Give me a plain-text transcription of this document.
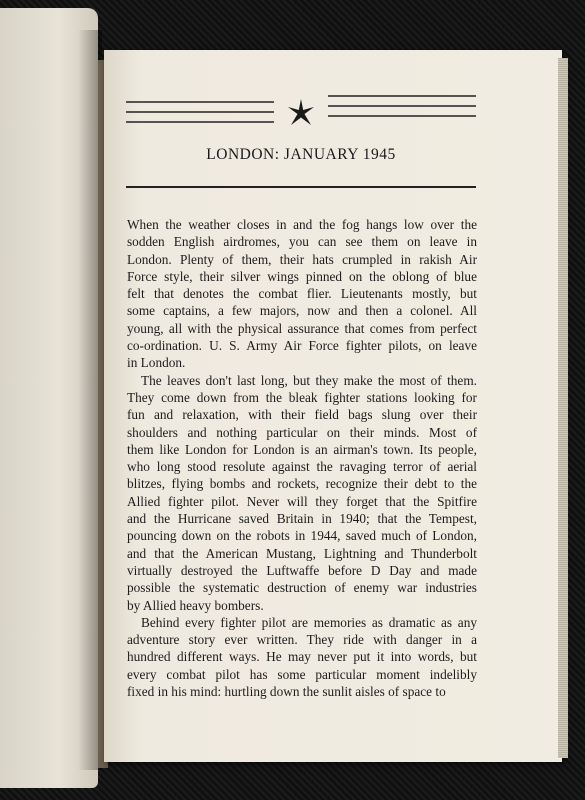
LONDON: JANUARY 1945
When the weather closes in and the fog hangs low over the
sodden English airdromes, you can see them on leave in
London. Plenty of them, their hats crumpled in rakish Air
Force style, their silver wings pinned on the oblong of blue
felt that denotes the combat flier. Lieutenants mostly, but
some captains, a few majors, now and then a colonel. All
young, all with the physical assurance that comes from perfect
co-ordination. U. S. Army Air Force fighter pilots, on leave
in London.
The leaves don't last long, but they make the most of them.
They come down from the bleak fighter stations looking for
fun and relaxation, with their field bags slung over their
shoulders and nothing particular on their minds. Most of
them like London for London is an airman's town. Its people,
who long stood resolute against the ravaging terror of aerial
blitzes, flying bombs and rockets, recognize their debt to the
Allied fighter pilot. Never will they forget that the Spitfire
and the Hurricane saved Britain in 1940; that the Tempest,
pouncing down on the robots in 1944, saved much of London,
and that the American Mustang, Lightning and Thunderbolt
virtually destroyed the Luftwaffe before D Day and made
possible the systematic destruction of enemy war industries
by Allied heavy bombers.
Behind every fighter pilot are memories as dramatic as any
adventure story ever written. They ride with danger in a
hundred different ways. He may never put it into words, but
every combat pilot has some particular moment indelibly
fixed in his mind: hurtling down the sunlit aisles of space to
